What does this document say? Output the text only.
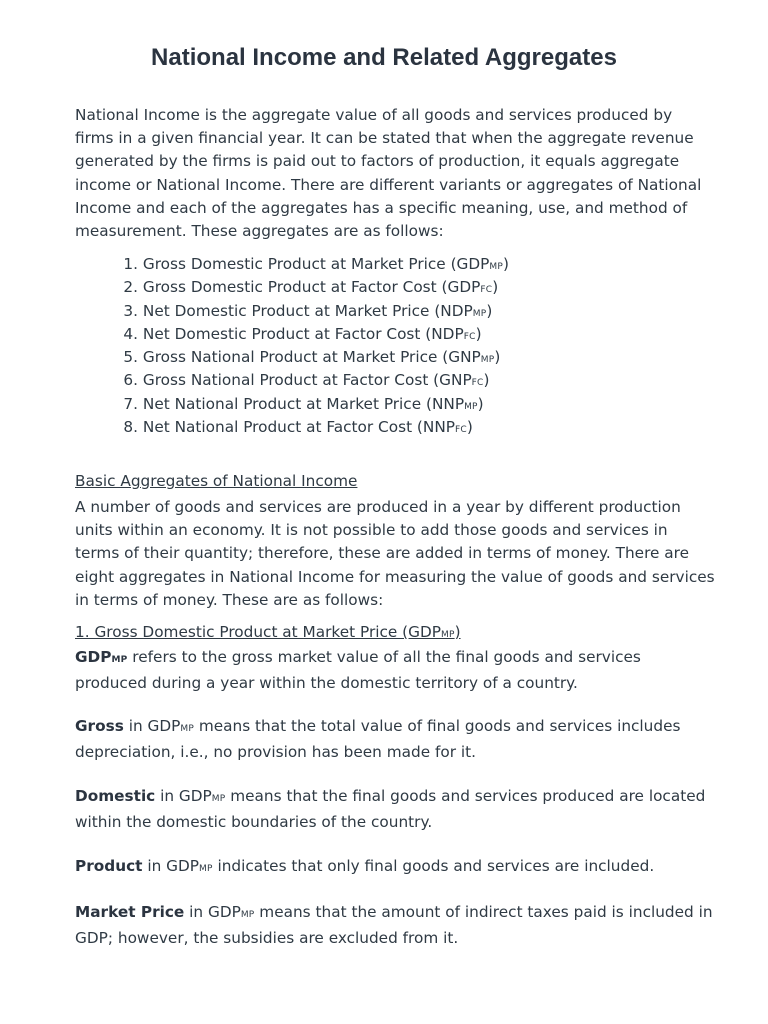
National Income and Related Aggregates

National Income is the aggregate value of all goods and services produced by firms in a given financial year. It can be stated that when the aggregate revenue generated by the firms is paid out to factors of production, it equals aggregate income or National Income. There are different variants or aggregates of National Income and each of the aggregates has a specific meaning, use, and method of measurement. These aggregates are as follows:

1.
Gross Domestic Product at Market Price (GDPMP)
2.
Gross Domestic Product at Factor Cost (GDPFC)
3.
Net Domestic Product at Market Price (NDPMP)
4.
Net Domestic Product at Factor Cost (NDPFC)
5.
Gross National Product at Market Price (GNPMP)
6.
Gross National Product at Factor Cost (GNPFC)
7.
Net National Product at Market Price (NNPMP)
8.
Net National Product at Factor Cost (NNPFC)
Basic Aggregates of National Income

A number of goods and services are produced in a year by different production units within an economy. It is not possible to add those goods and services in terms of their quantity; therefore, these are added in terms of money. There are eight aggregates in National Income for measuring the value of goods and services in terms of money. These are as follows:

1. Gross Domestic Product at Market Price (GDPMP)

GDPMP refers to the gross market value of all the final goods and services produced during a year within the domestic territory of a country.

Gross in GDPMP means that the total value of final goods and services includes depreciation, i.e., no provision has been made for it.

Domestic in GDPMP means that the final goods and services produced are located within the domestic boundaries of the country.

Product in GDPMP indicates that only final goods and services are included.

Market Price in GDPMP means that the amount of indirect taxes paid is included in GDP; however, the subsidies are excluded from it.
